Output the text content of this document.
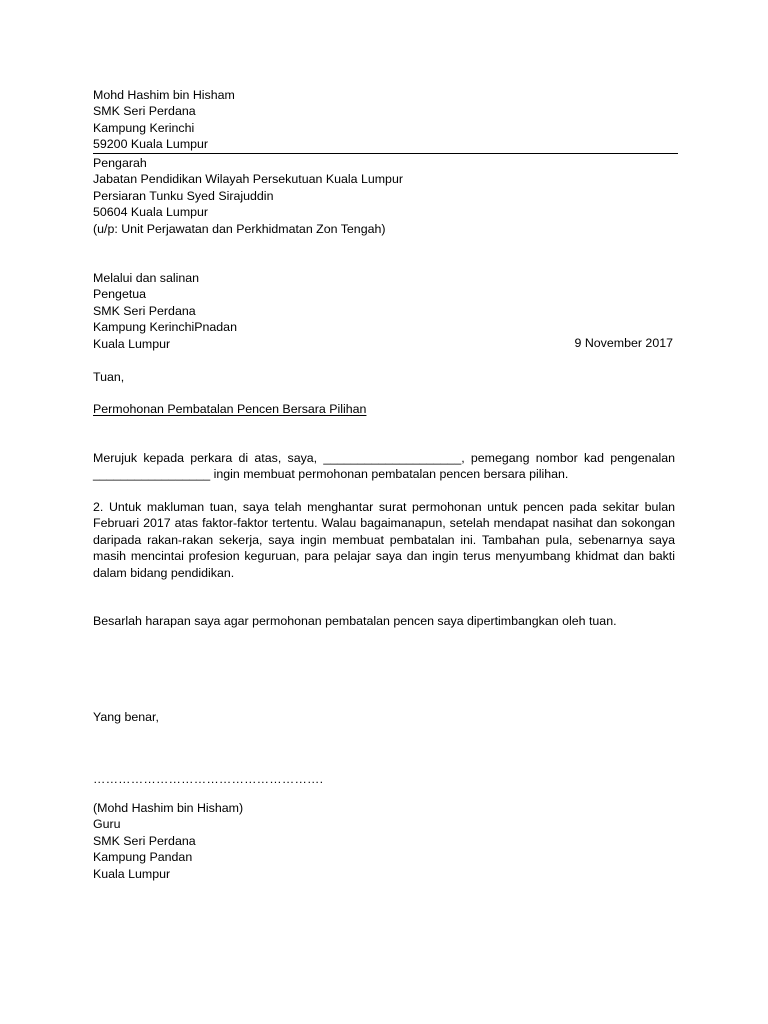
Mohd Hashim bin Hisham
SMK Seri Perdana
Kampung Kerinchi
59200 Kuala Lumpur
Pengarah
Jabatan Pendidikan Wilayah Persekutuan Kuala Lumpur
Persiaran Tunku Syed Sirajuddin
50604 Kuala Lumpur
(u/p: Unit Perjawatan dan Perkhidmatan Zon Tengah)
Melalui dan salinan
Pengetua
SMK Seri Perdana
Kampung KerinchiPnadan
Kuala Lumpur	9 November 2017
Tuan,
Permohonan Pembatalan Pencen Bersara Pilihan
Merujuk kepada perkara di atas, saya, ____________________, pemegang nombor kad pengenalan _________________ ingin membuat permohonan pembatalan pencen bersara pilihan.
2. Untuk makluman tuan, saya telah menghantar surat permohonan untuk pencen pada sekitar bulan Februari 2017 atas faktor-faktor tertentu. Walau bagaimanapun, setelah mendapat nasihat dan sokongan daripada rakan-rakan sekerja, saya ingin membuat pembatalan ini. Tambahan pula, sebenarnya saya masih mencintai profesion keguruan, para pelajar saya dan ingin terus menyumbang khidmat dan bakti dalam bidang pendidikan.
Besarlah harapan saya agar permohonan pembatalan pencen saya dipertimbangkan oleh tuan.
Yang benar,
……………………………………………….
(Mohd Hashim bin Hisham)
Guru
SMK Seri Perdana
Kampung Pandan
Kuala Lumpur
